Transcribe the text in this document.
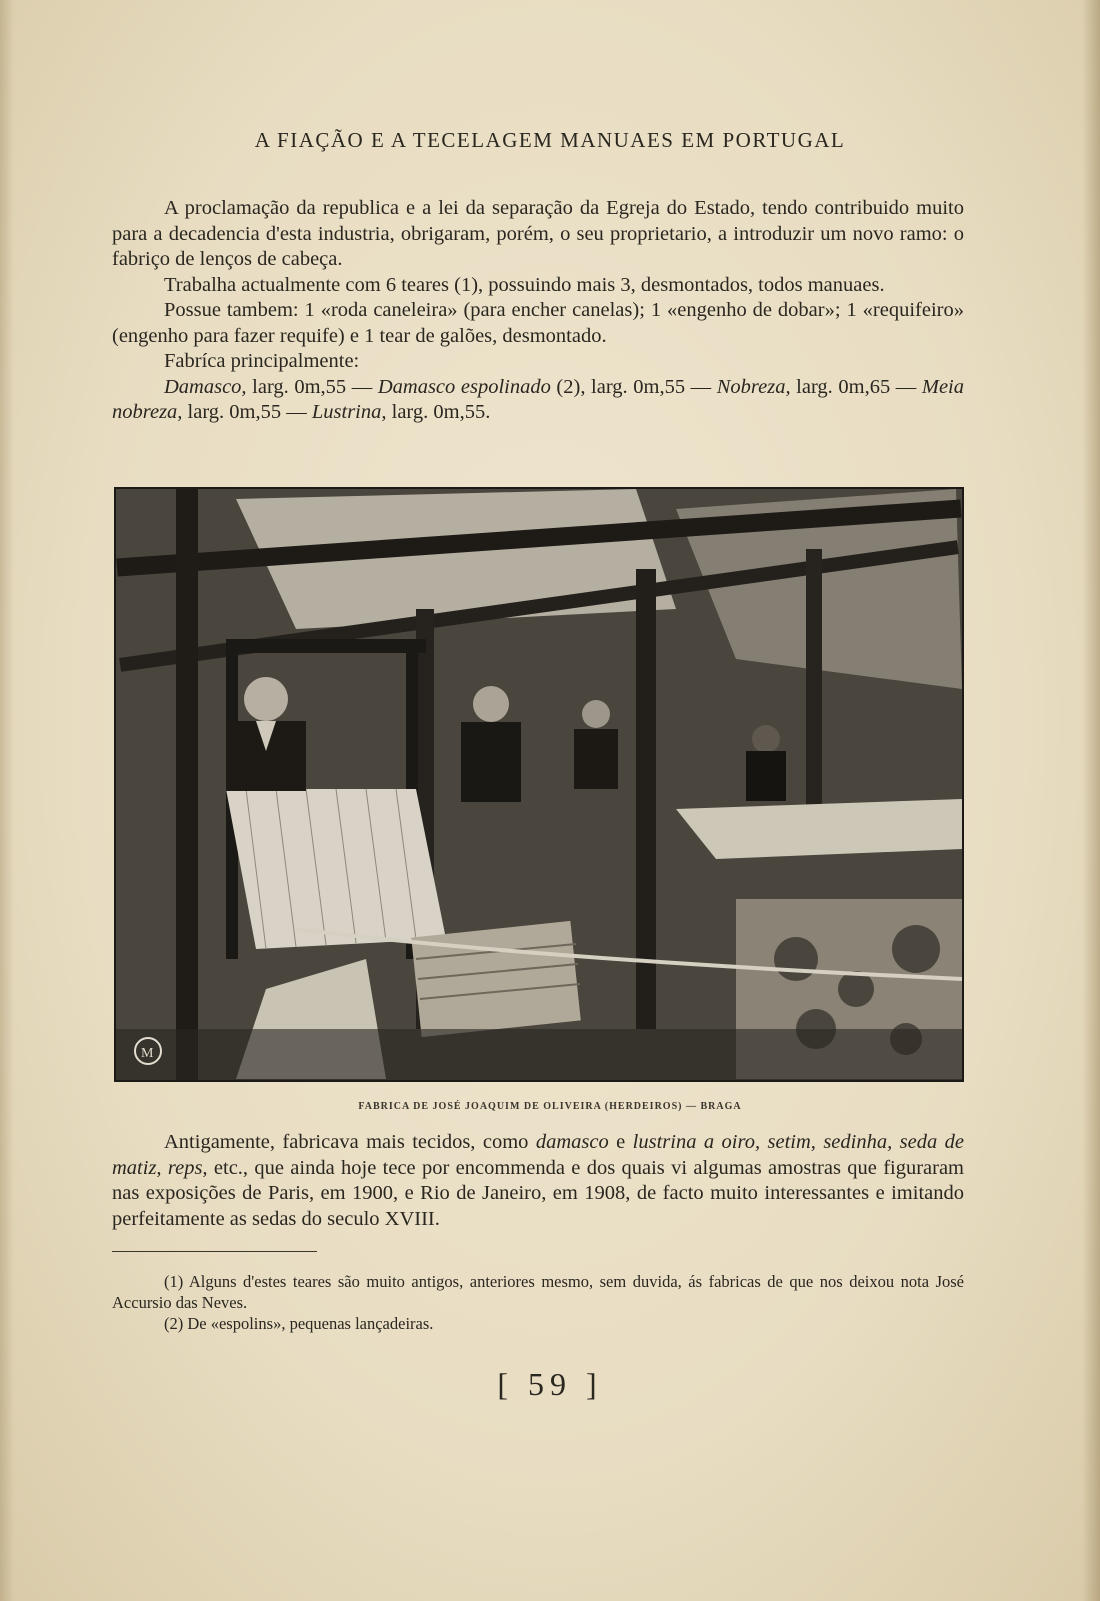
A FIAÇÃO E A TECELAGEM MANUAES EM PORTUGAL

A proclamação da republica e a lei da separação da Egreja do Estado, tendo contribuido muito para a decadencia d'esta industria, obrigaram, porém, o seu proprietario, a introduzir um novo ramo: o fabriço de lenços de cabeça.

Trabalha actualmente com 6 teares (1), possuindo mais 3, desmontados, todos manuaes.

Possue tambem: 1 «roda caneleira» (para encher canelas); 1 «engenho de dobar»; 1 «requifeiro» (engenho para fazer requife) e 1 tear de galões, desmontado.

Fabríca principalmente:

Damasco, larg. 0m,55 — Damasco espolinado (2), larg. 0m,55 — Nobreza, larg. 0m,65 — Meia nobreza, larg. 0m,55 — Lustrina, larg. 0m,55.

M
FABRICA DE JOSÉ JOAQUIM DE OLIVEIRA (HERDEIROS) — BRAGA

Antigamente, fabricava mais tecidos, como damasco e lustrina a oiro, setim, sedinha, seda de matiz, reps, etc., que ainda hoje tece por encommenda e dos quais vi algumas amostras que figuraram nas exposições de Paris, em 1900, e Rio de Janeiro, em 1908, de facto muito interessantes e imitando perfeitamente as sedas do seculo XVIII.

(1) Alguns d'estes teares são muito antigos, anteriores mesmo, sem duvida, ás fabricas de que nos deixou nota José Accursio das Neves.

(2) De «espolins», pequenas lançadeiras.

[ 59 ]
